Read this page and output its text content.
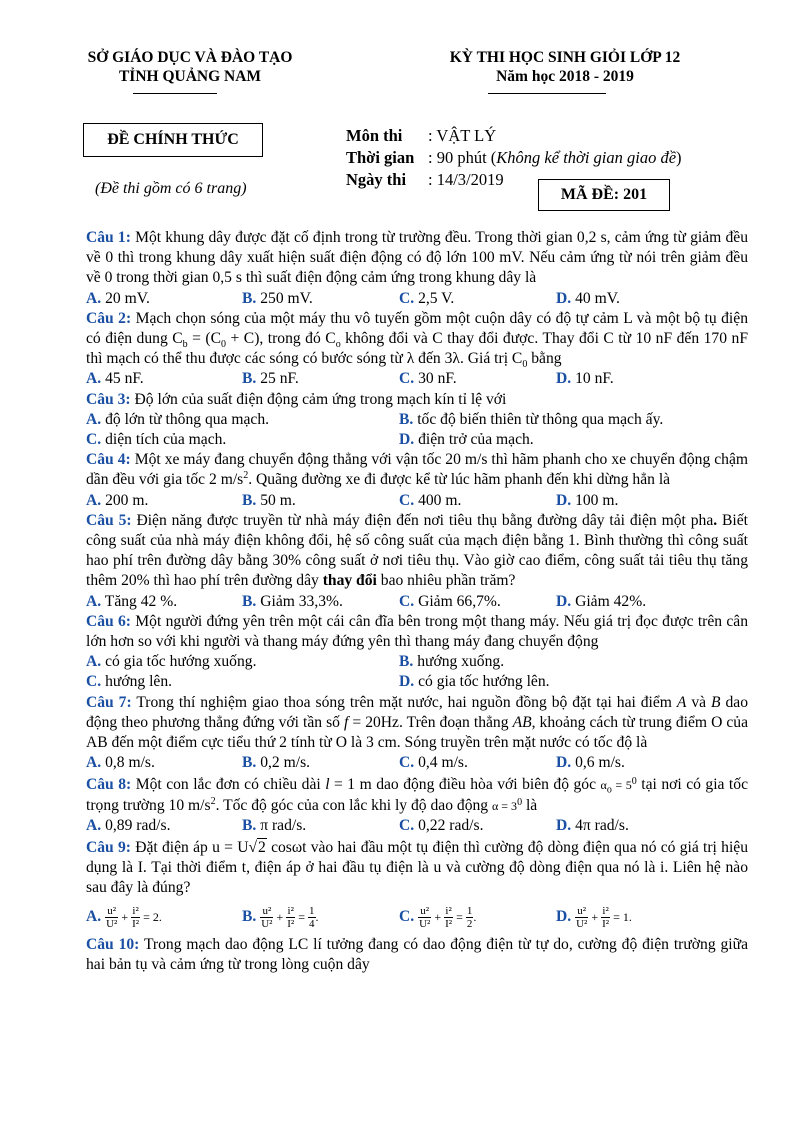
SỞ GIÁO DỤC VÀ ĐÀO TẠO
TỈNH QUẢNG NAM
KỲ THI HỌC SINH GIỎI LỚP 12
Năm học 2018 - 2019
ĐỀ CHÍNH THỨC
(Đề thi gồm có 6 trang)
Môn thi : VẬT LÝ
Thời gian : 90 phút (Không kể thời gian giao đề)
Ngày thi : 14/3/2019
MÃ ĐỀ: 201

Câu 1: Một khung dây được đặt cố định trong từ trường đều. Trong thời gian 0,2 s, cảm ứng từ giảm đều về 0 thì trong khung dây xuất hiện suất điện động có độ lớn 100 mV. Nếu cảm ứng từ nói trên giảm đều về 0 trong thời gian 0,5 s thì suất điện động cảm ứng trong khung dây là

A. 20 mV.	B. 250 mV.	C. 2,5 V.	D. 40 mV.

Câu 2: Mạch chọn sóng của một máy thu vô tuyến gồm một cuộn dây có độ tự cảm L và một bộ tụ điện có điện dung $C_b = (C_0 + C)$, trong đó $C_o$ không đổi và C thay đổi được. Thay đổi C từ 10 nF đến 170 nF thì mạch có thể thu được các sóng có bước sóng từ λ đến 3λ. Giá trị $C_0$ bằng

A. 45 nF.	B. 25 nF.	C. 30 nF.	D. 10 nF.

Câu 3: Độ lớn của suất điện động cảm ứng trong mạch kín tỉ lệ với

A. độ lớn từ thông qua mạch.	B. tốc độ biến thiên từ thông qua mạch ấy.
C. diện tích của mạch.	D. điện trở của mạch.

Câu 4: Một xe máy đang chuyển động thẳng với vận tốc 20 m/s thì hãm phanh cho xe chuyển động chậm dần đều với gia tốc 2 $m/s^2$. Quãng đường xe đi được kể từ lúc hãm phanh đến khi dừng hẳn là

A. 200 m.	B. 50 m.	C. 400 m.	D. 100 m.

Câu 5: Điện năng được truyền từ nhà máy điện đến nơi tiêu thụ bằng đường dây tải điện một pha. Biết công suất của nhà máy điện không đổi, hệ số công suất của mạch điện bằng 1. Bình thường thì công suất hao phí trên đường dây bằng 30% công suất ở nơi tiêu thụ. Vào giờ cao điểm, công suất tải tiêu thụ tăng thêm 20% thì hao phí trên đường dây thay đổi bao nhiêu phần trăm?

A. Tăng 42 %.	B. Giảm 33,3%.	C. Giảm 66,7%.	D. Giảm 42%.

Câu 6: Một người đứng yên trên một cái cân đĩa bên trong một thang máy. Nếu giá trị đọc được trên cân lớn hơn so với khi người và thang máy đứng yên thì thang máy đang chuyển động

A. có gia tốc hướng xuống.	B. hướng xuống.
C. hướng lên.	D. có gia tốc hướng lên.

Câu 7: Trong thí nghiệm giao thoa sóng trên mặt nước, hai nguồn đồng bộ đặt tại hai điểm A và B dao động theo phương thẳng đứng với tần số f = 20Hz. Trên đoạn thẳng AB, khoảng cách từ trung điểm O của AB đến một điểm cực tiểu thứ 2 tính từ O là 3 cm. Sóng truyền trên mặt nước có tốc độ là

A. 0,8 m/s.	B. 0,2 m/s.	C. 0,4 m/s.	D. 0,6 m/s.

Câu 8: Một con lắc đơn có chiều dài l = 1 m dao động điều hòa với biên độ góc $\alpha_o = 5^0$ tại nơi có gia tốc trọng trường 10 $m/s^2$. Tốc độ góc của con lắc khi ly độ dao động $\alpha = 3^0$ là

A. 0,89 rad/s.	B. π rad/s.	C. 0,22 rad/s.	D. 4π rad/s.

Câu 9: Đặt điện áp u = U√2 cosωt vào hai đầu một tụ điện thì cường độ dòng điện qua nó có giá trị hiệu dụng là I. Tại thời điểm t, điện áp ở hai đầu tụ điện là u và cường độ dòng điện qua nó là i. Liên hệ nào sau đây là đúng?

A. $\frac{\text{u²}}{\text{U²}} + \frac{\text{i²}}{\text{I²}} = 2$.	B. $\frac{\text{u²}}{\text{U²}} + \frac{\text{i²}}{\text{I²}} = \frac{1}{4}$ .	C. $\frac{\text{u²}}{\text{U²}} + \frac{\text{i²}}{\text{I²}} = \frac{1}{2}$ .	D. $\frac{\text{u²}}{\text{U²}} + \frac{\text{i²}}{\text{I²}} = 1$.

Câu 10: Trong mạch dao động LC lí tưởng đang có dao động điện từ tự do, cường độ điện trường giữa hai bản tụ và cảm ứng từ trong lòng cuộn dây
